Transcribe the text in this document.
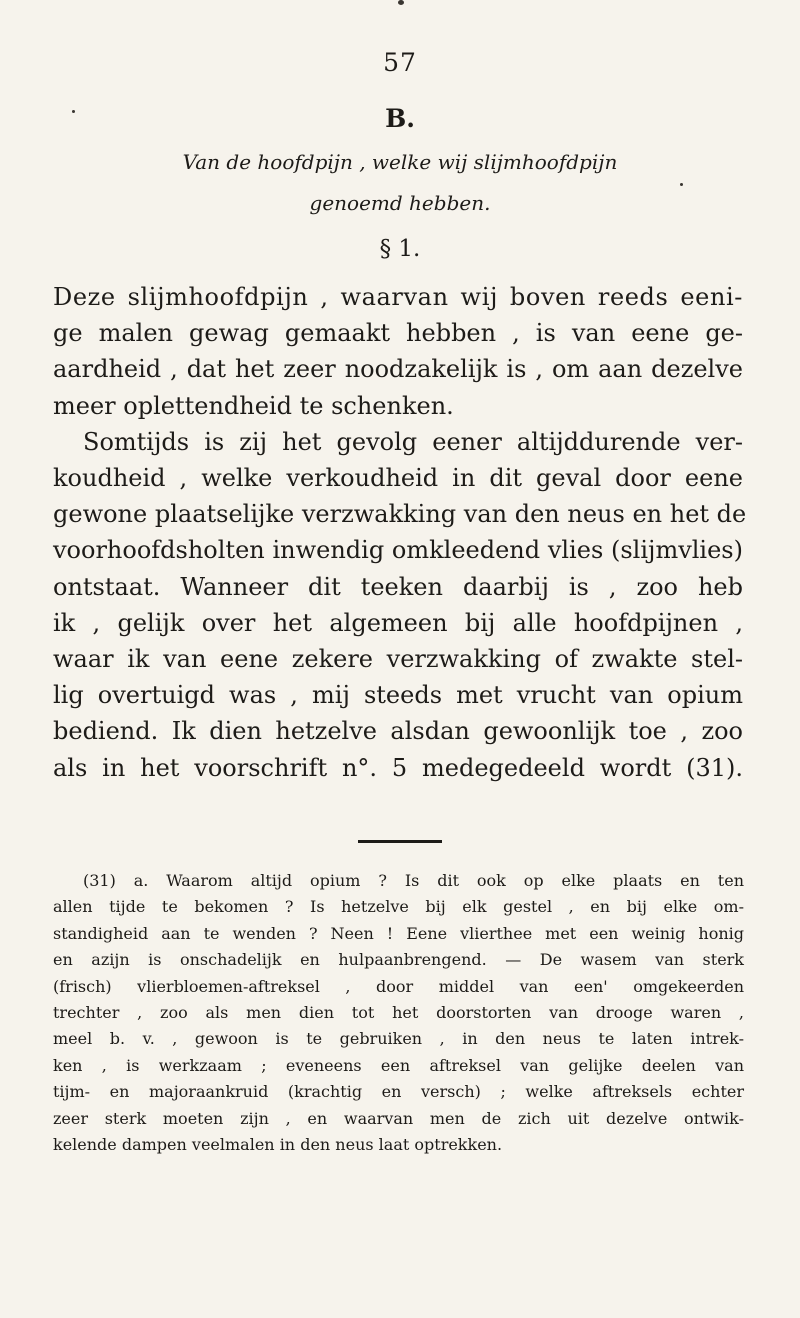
57
B.
Van de hoofdpijn , welke wij slijmhoofdpijn
genoemd hebben.
§ 1.
Deze slijmhoofdpijn , waarvan wij boven reeds eeni-
ge malen gewag gemaakt hebben , is van eene ge-
aardheid , dat het zeer noodzakelijk is , om aan dezelve
meer oplettendheid te schenken.
Somtijds is zij het gevolg eener altijddurende ver-
koudheid , welke verkoudheid in dit geval door eene
gewone plaatselijke verzwakking van den neus en het de
voorhoofdsholten inwendig omkleedend vlies (slijmvlies)
ontstaat. Wanneer dit teeken daarbij is , zoo heb
ik , gelijk over het algemeen bij alle hoofdpijnen ,
waar ik van eene zekere verzwakking of zwakte stel-
lig overtuigd was , mij steeds met vrucht van opium
bediend. Ik dien hetzelve alsdan gewoonlijk toe , zoo
als in het voorschrift n°. 5 medegedeeld wordt (31).
(31) a. Waarom altijd opium ? Is dit ook op elke plaats en ten
allen tijde te bekomen ? Is hetzelve bij elk gestel , en bij elke om-
standigheid aan te wenden ? Neen ! Eene vlierthee met een weinig honig
en azijn is onschadelijk en hulpaanbrengend. — De wasem van sterk
(frisch) vlierbloemen-aftreksel , door middel van een' omgekeerden
trechter , zoo als men dien tot het doorstorten van drooge waren ,
meel b. v. , gewoon is te gebruiken , in den neus te laten intrek-
ken , is werkzaam ; eveneens een aftreksel van gelijke deelen van
tijm- en majoraankruid (krachtig en versch) ; welke aftreksels echter
zeer sterk moeten zijn , en waarvan men de zich uit dezelve ontwik-
kelende dampen veelmalen in den neus laat optrekken.
